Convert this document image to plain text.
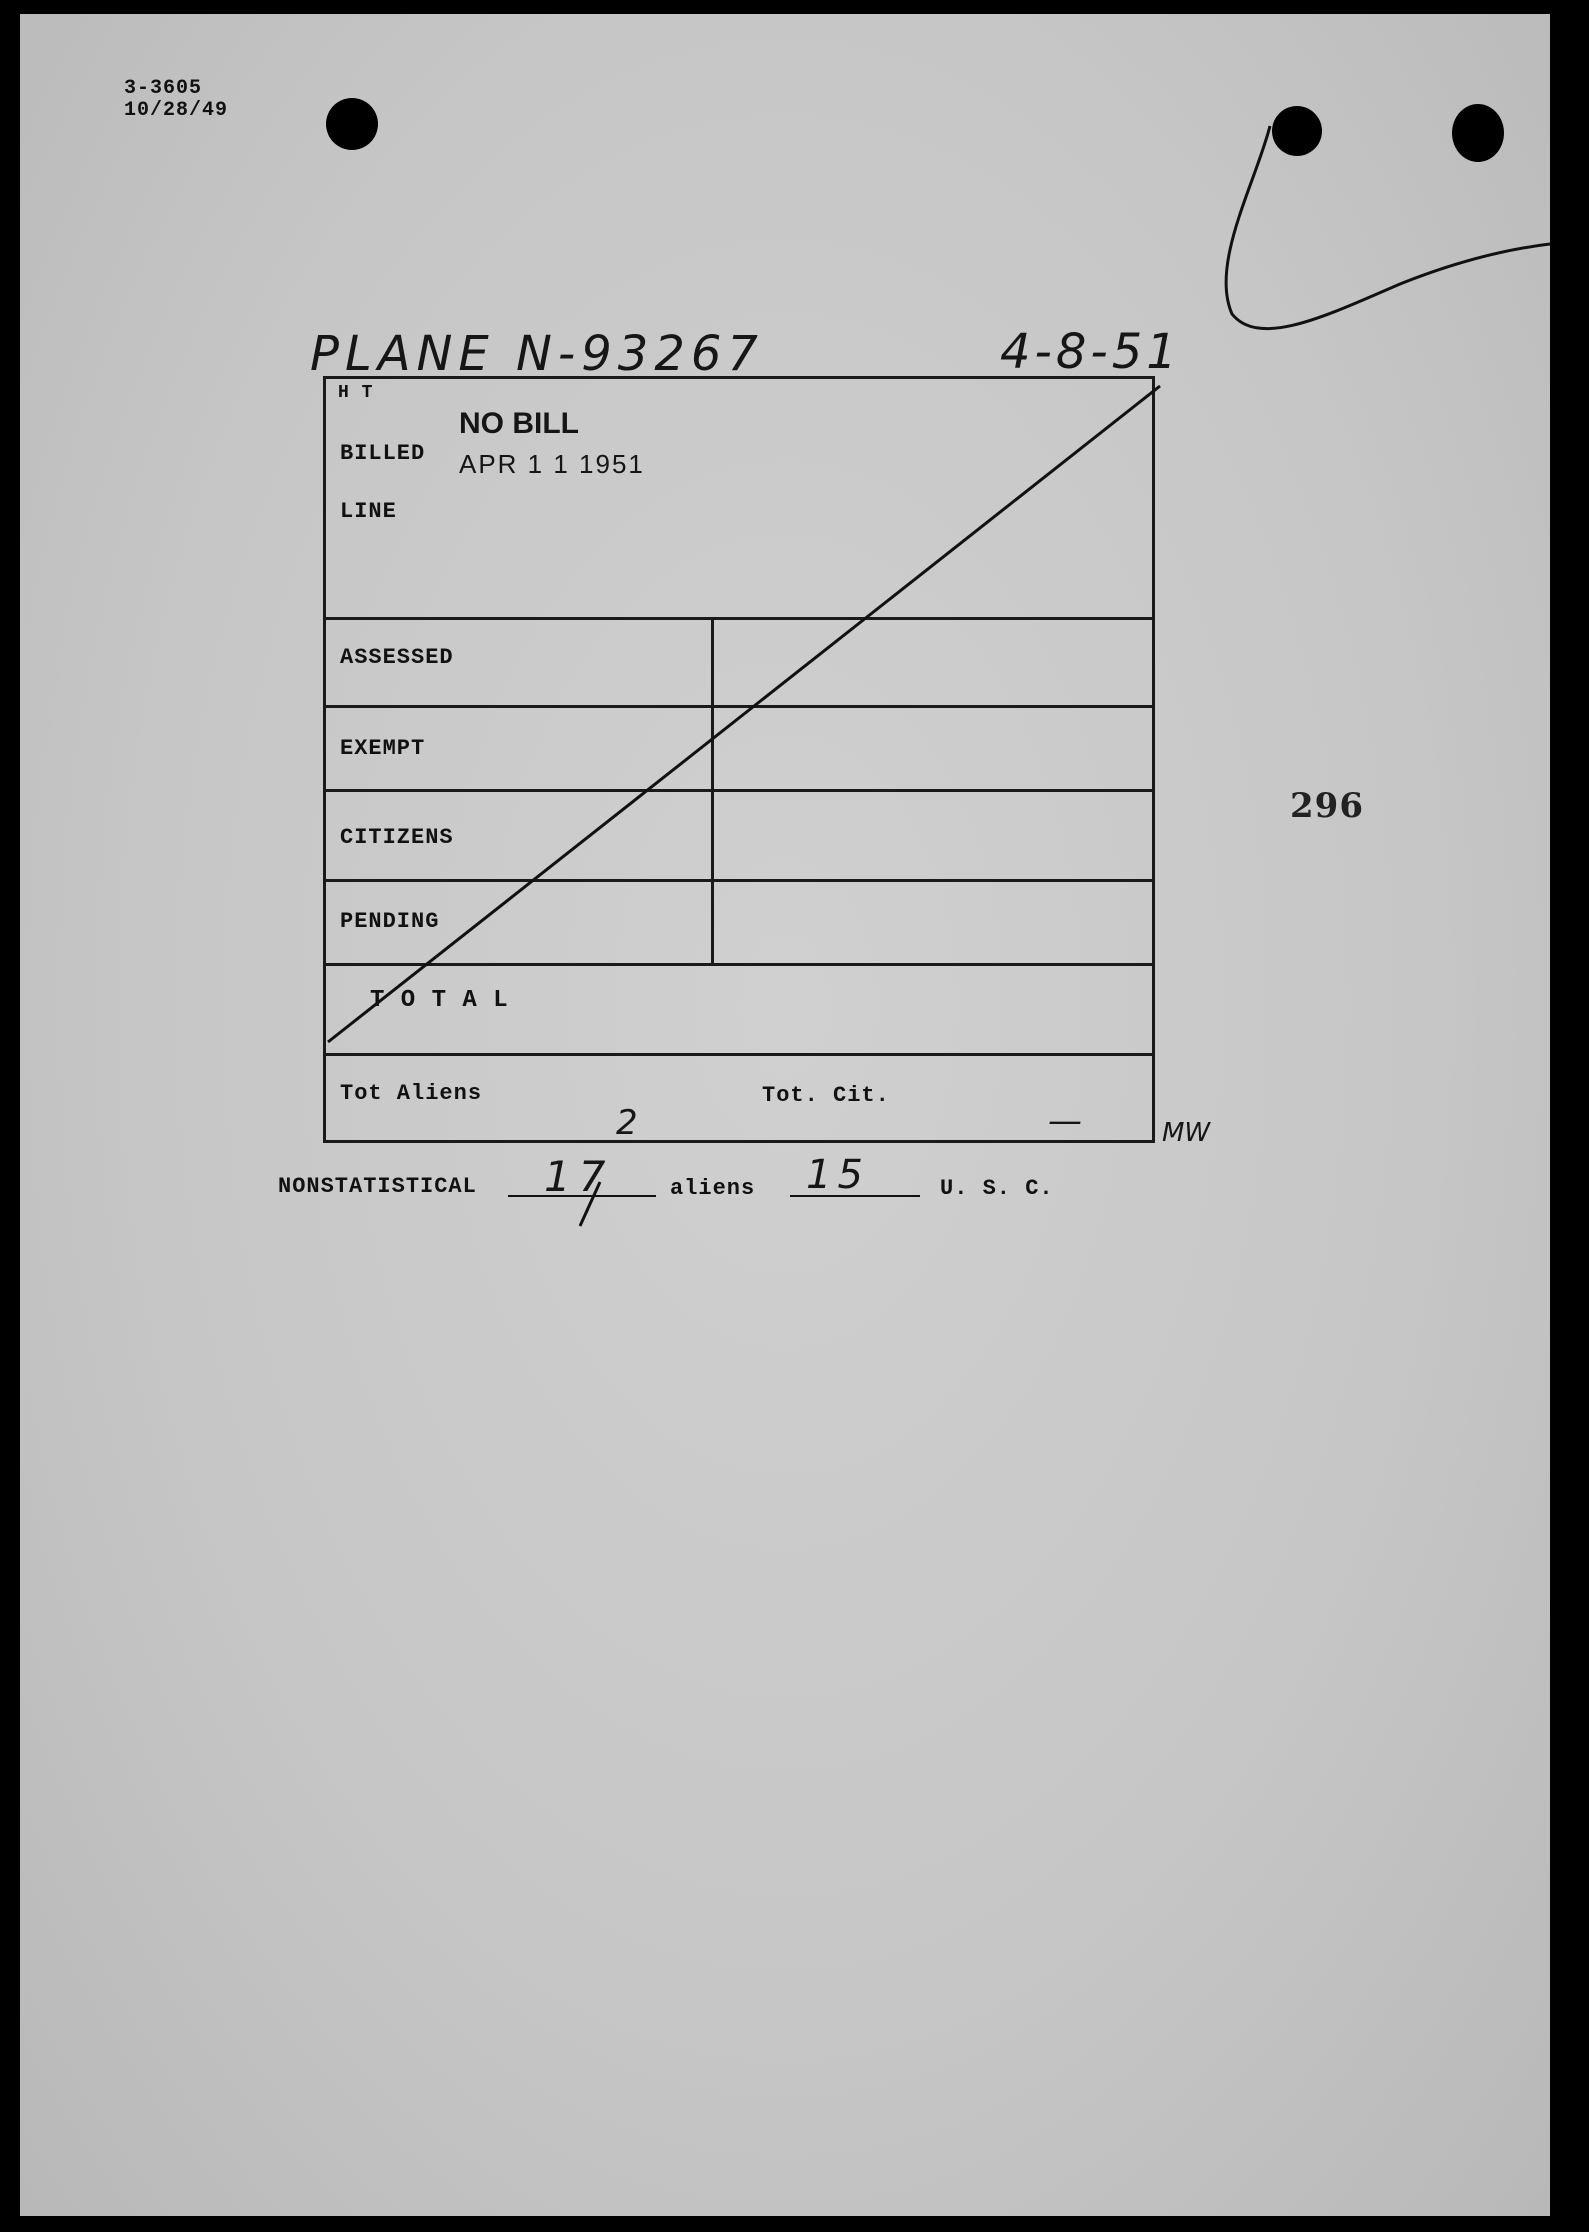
3-3605
10/28/49
PLANE N-93267	4-8-51
296
H T
NO BILL
BILLED APR 1 1 1951
LINE
ASSESSED
EXEMPT
CITIZENS
PENDING
T O T A L
Tot Aliens	Tot. Cit.
2	—	MW
NONSTATISTICAL 17	aliens 15	U. S. C.
